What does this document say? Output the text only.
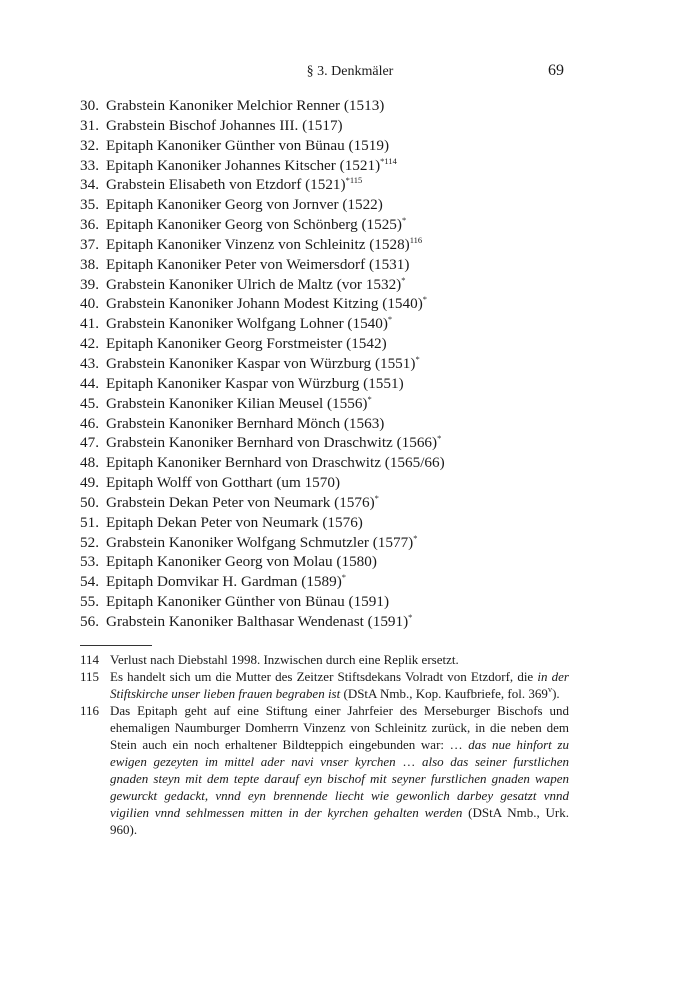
§ 3. Denkmäler	69
30. Grabstein Kanoniker Melchior Renner (1513)
31. Grabstein Bischof Johannes III. (1517)
32. Epitaph Kanoniker Günther von Bünau (1519)
33. Epitaph Kanoniker Johannes Kitscher $(1521)^{*114}$
34. Grabstein Elisabeth von Etzdorf $(1521)^{*115}$
35. Epitaph Kanoniker Georg von Jornver (1522)
36. Epitaph Kanoniker Georg von Schönberg (1525)*
37. Epitaph Kanoniker Vinzenz von Schleinitz $(1528)^{116}$
38. Epitaph Kanoniker Peter von Weimersdorf (1531)
39. Grabstein Kanoniker Ulrich de Maltz (vor 1532)*
40. Grabstein Kanoniker Johann Modest Kitzing (1540)*
41. Grabstein Kanoniker Wolfgang Lohner (1540)*
42. Epitaph Kanoniker Georg Forstmeister (1542)
43. Grabstein Kanoniker Kaspar von Würzburg (1551)*
44. Epitaph Kanoniker Kaspar von Würzburg (1551)
45. Grabstein Kanoniker Kilian Meusel (1556)*
46. Grabstein Kanoniker Bernhard Mönch (1563)
47. Grabstein Kanoniker Bernhard von Draschwitz (1566)*
48. Epitaph Kanoniker Bernhard von Draschwitz (1565/66)
49. Epitaph Wolff von Gotthart (um 1570)
50. Grabstein Dekan Peter von Neumark (1576)*
51. Epitaph Dekan Peter von Neumark (1576)
52. Grabstein Kanoniker Wolfgang Schmutzler (1577)*
53. Epitaph Kanoniker Georg von Molau (1580)
54. Epitaph Domvikar H. Gardman (1589)*
55. Epitaph Kanoniker Günther von Bünau (1591)
56. Grabstein Kanoniker Balthasar Wendenast (1591)*
114 Verlust nach Diebstahl 1998. Inzwischen durch eine Replik ersetzt.
115 Es handelt sich um die Mutter des Zeitzer Stiftsdekans Volradt von Etzdorf, die in der Stiftskirche unser lieben frauen begraben ist (DStA Nmb., Kop. Kaufbriefe, fol. 369$^v$).
116 Das Epitaph geht auf eine Stiftung einer Jahrfeier des Merseburger Bischofs und ehemaligen Naumburger Domherrn Vinzenz von Schleinitz zurück, in die neben dem Stein auch ein noch erhaltener Bildteppich eingebunden war: … das nue hinfort zu ewigen gezeyten im mittel ader navi vnser kyrchen … also das seiner furstlichen gnaden steyn mit dem tepte darauf eyn bischof mit seyner furstlichen gnaden wapen gewurckt gedackt, vnnd eyn brennende liecht wie gewonlich darbey gesatzt vnnd vigilien vnnd sehlmessen mitten in der kyrchen gehalten werden (DStA Nmb., Urk. 960).
